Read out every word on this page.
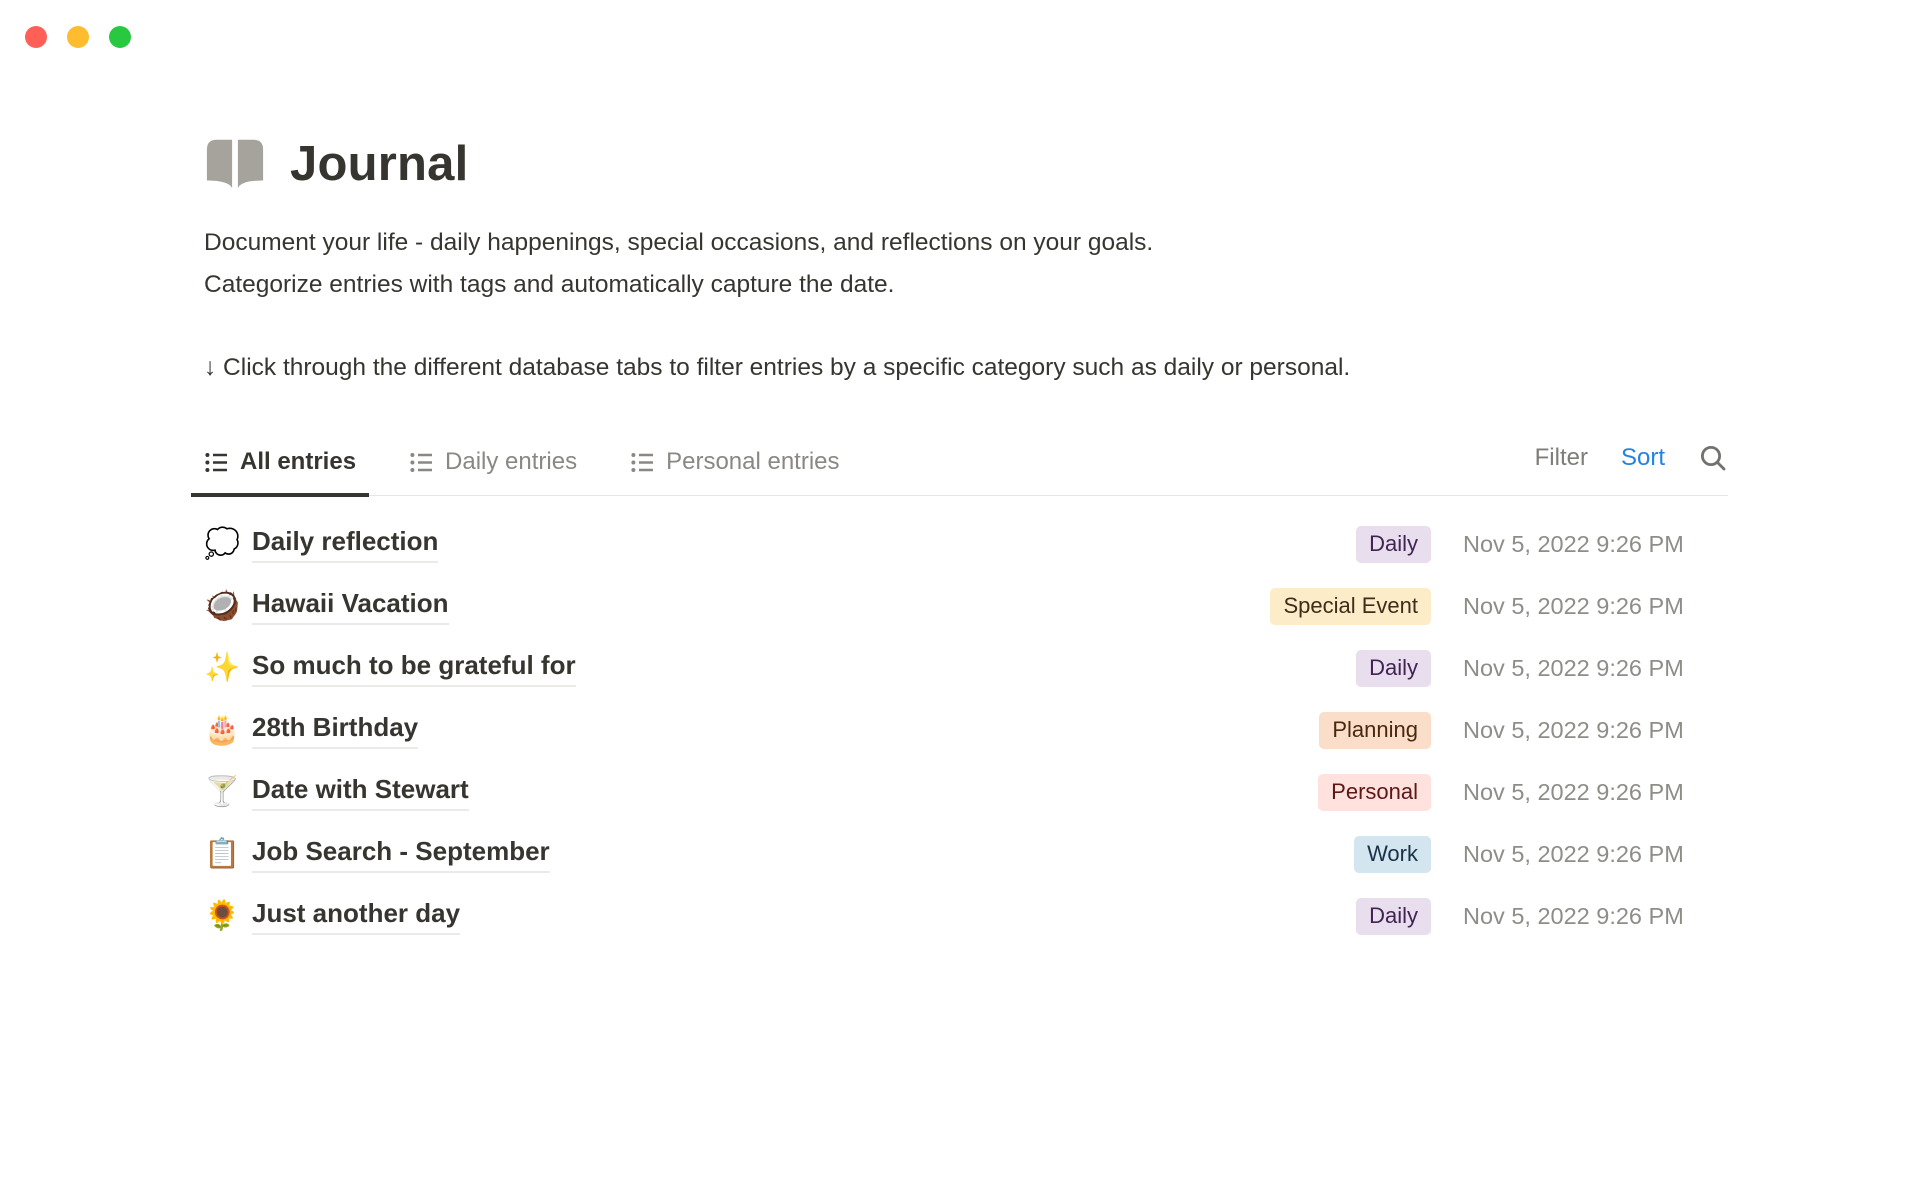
Journal

Document your life - daily happenings, special occasions, and reflections on your goals.
Categorize entries with tags and automatically capture the date.

↓ Click through the different database tabs to filter entries by a specific category such as daily or personal.

All entries	Daily entries	Personal entries	Filter Sort
💭 Daily reflection	Daily	Nov 5, 2022 9:26 PM
🥥 Hawaii Vacation	Special Event	Nov 5, 2022 9:26 PM
✨ So much to be grateful for	Daily	Nov 5, 2022 9:26 PM
🎂 28th Birthday	Planning	Nov 5, 2022 9:26 PM
🍸 Date with Stewart	Personal	Nov 5, 2022 9:26 PM
📋 Job Search - September	Work	Nov 5, 2022 9:26 PM
🌻 Just another day	Daily	Nov 5, 2022 9:26 PM
